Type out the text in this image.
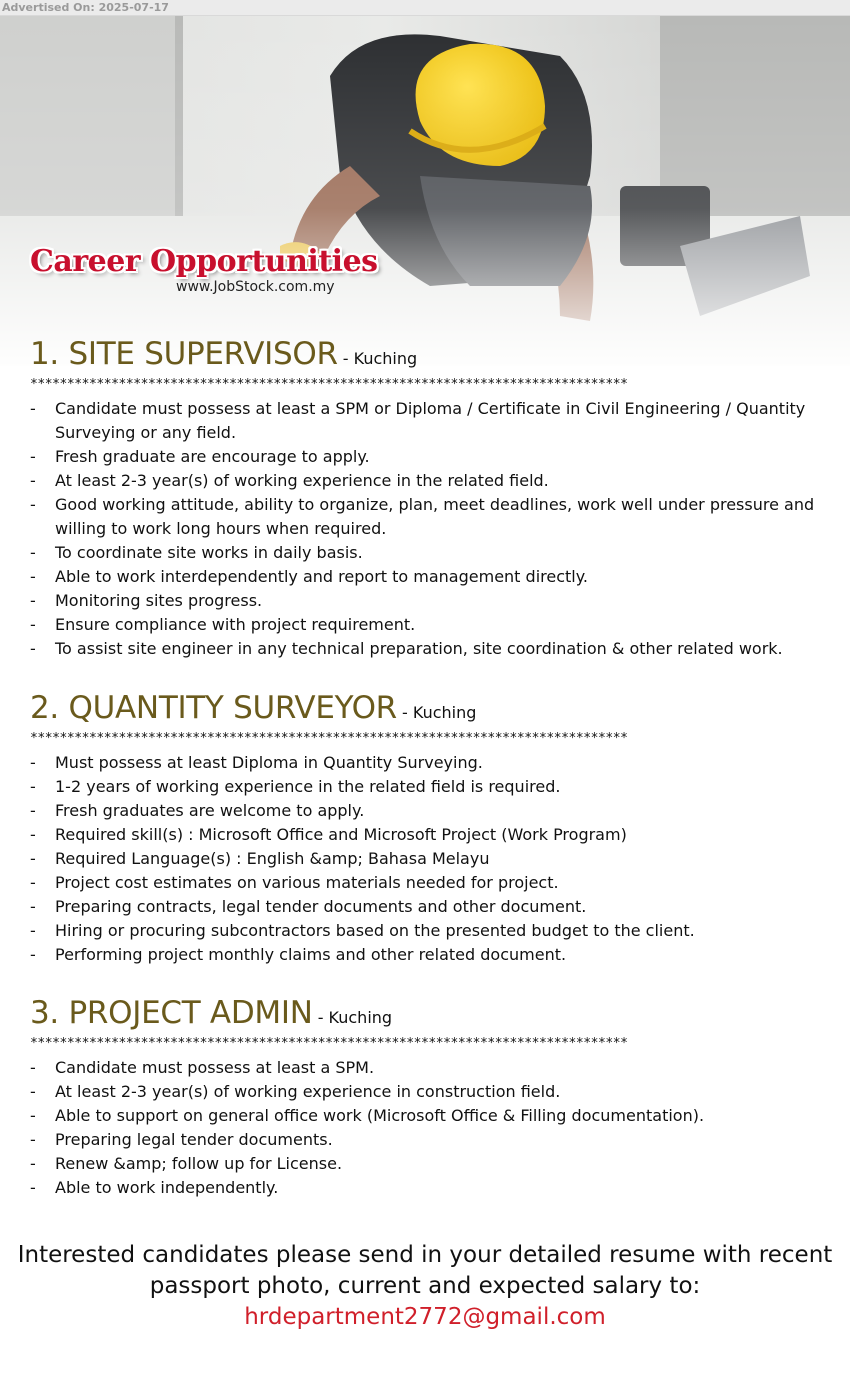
Advertised On: 2025-07-17
Career Opportunities
www.JobStock.com.my
1. SITE SUPERVISOR - Kuching
*********************************************************************************
- Candidate must possess at least a SPM or Diploma / Certificate in Civil Engineering / Quantity Surveying or any field.
- Fresh graduate are encourage to apply.
- At least 2-3 year(s) of working experience in the related field.
- Good working attitude, ability to organize, plan, meet deadlines, work well under pressure and willing to work long hours when required.
- To coordinate site works in daily basis.
- Able to work interdependently and report to management directly.
- Monitoring sites progress.
- Ensure compliance with project requirement.
- To assist site engineer in any technical preparation, site coordination & other related work.
2. QUANTITY SURVEYOR - Kuching
*********************************************************************************
- Must possess at least Diploma in Quantity Surveying.
- 1-2 years of working experience in the related field is required.
- Fresh graduates are welcome to apply.
- Required skill(s) : Microsoft Office and Microsoft Project (Work Program)
- Required Language(s) : English &amp; Bahasa Melayu
- Project cost estimates on various materials needed for project.
- Preparing contracts, legal tender documents and other document.
- Hiring or procuring subcontractors based on the presented budget to the client.
- Performing project monthly claims and other related document.
3. PROJECT ADMIN - Kuching
*********************************************************************************
- Candidate must possess at least a SPM.
- At least 2-3 year(s) of working experience in construction field.
- Able to support on general office work (Microsoft Office & Filling documentation).
- Preparing legal tender documents.
- Renew &amp; follow up for License.
- Able to work independently.
Interested candidates please send in your detailed resume with recent
passport photo, current and expected salary to:
hrdepartment2772@gmail.com
